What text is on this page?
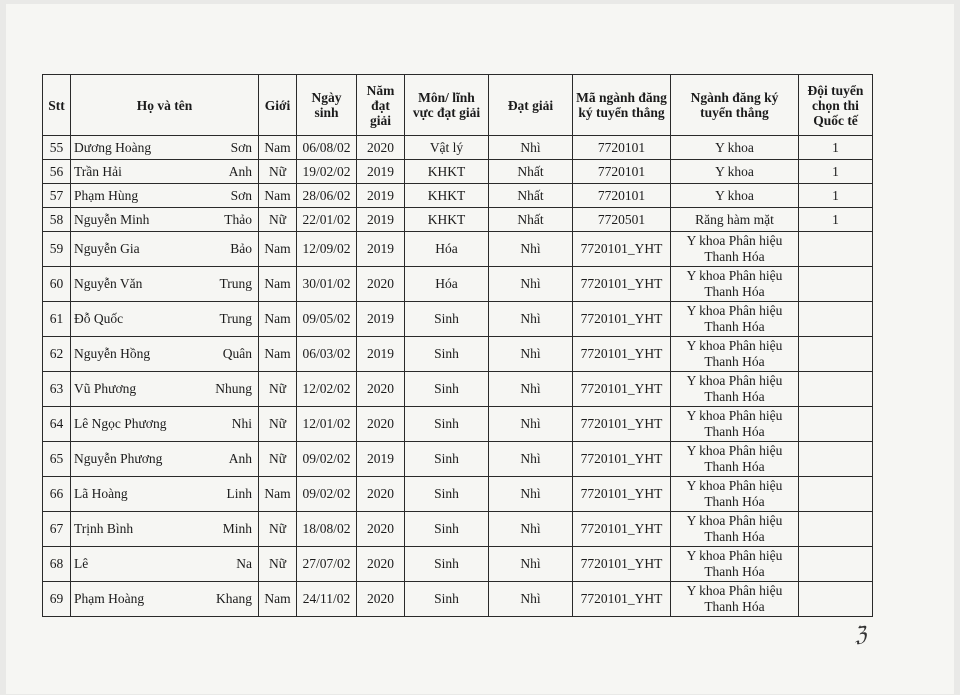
Stt	Họ và tên	Giới	Ngày sinh	Năm đạt giải	Môn/ lĩnh vực đạt giải	Đạt giải	Mã ngành đăng ký tuyển thẳng	Ngành đăng ký tuyển thẳng	Đội tuyển chọn thi Quốc tế
55	Dương Hoàng Sơn	Nam	06/08/02	2020	Vật lý	Nhì	7720101	Y khoa	1
56	Trần Hải Anh	Nữ	19/02/02	2019	KHKT	Nhất	7720101	Y khoa	1
57	Phạm Hùng Sơn	Nam	28/06/02	2019	KHKT	Nhất	7720101	Y khoa	1
58	Nguyễn Minh Thảo	Nữ	22/01/02	2019	KHKT	Nhất	7720501	Răng hàm mặt	1
59	Nguyễn Gia Bảo	Nam	12/09/02	2019	Hóa	Nhì	7720101_YHT	Y khoa Phân hiệu Thanh Hóa	
60	Nguyễn Văn Trung	Nam	30/01/02	2020	Hóa	Nhì	7720101_YHT	Y khoa Phân hiệu Thanh Hóa	
61	Đỗ Quốc Trung	Nam	09/05/02	2019	Sinh	Nhì	7720101_YHT	Y khoa Phân hiệu Thanh Hóa	
62	Nguyễn Hồng Quân	Nam	06/03/02	2019	Sinh	Nhì	7720101_YHT	Y khoa Phân hiệu Thanh Hóa	
63	Vũ Phương Nhung	Nữ	12/02/02	2020	Sinh	Nhì	7720101_YHT	Y khoa Phân hiệu Thanh Hóa	
64	Lê Ngọc Phương Nhi	Nữ	12/01/02	2020	Sinh	Nhì	7720101_YHT	Y khoa Phân hiệu Thanh Hóa	
65	Nguyễn Phương Anh	Nữ	09/02/02	2019	Sinh	Nhì	7720101_YHT	Y khoa Phân hiệu Thanh Hóa	
66	Lã Hoàng Linh	Nam	09/02/02	2020	Sinh	Nhì	7720101_YHT	Y khoa Phân hiệu Thanh Hóa	
67	Trịnh Bình Minh	Nữ	18/08/02	2020	Sinh	Nhì	7720101_YHT	Y khoa Phân hiệu Thanh Hóa	
68	Lê Na	Nữ	27/07/02	2020	Sinh	Nhì	7720101_YHT	Y khoa Phân hiệu Thanh Hóa	
69	Phạm Hoàng Khang	Nam	24/11/02	2020	Sinh	Nhì	7720101_YHT	Y khoa Phân hiệu Thanh Hóa	
ℨ
